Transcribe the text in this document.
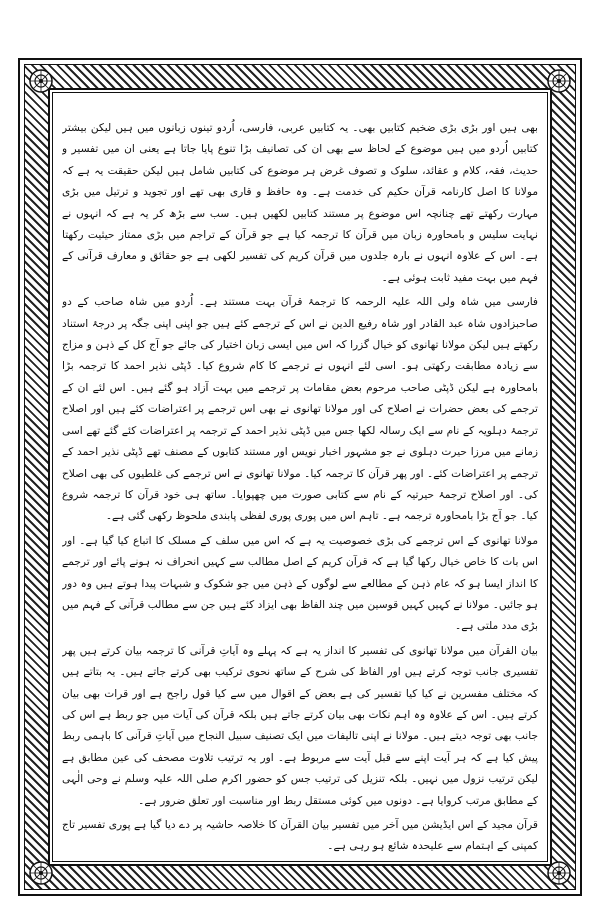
بھی ہیں اور بڑی بڑی ضخیم کتابیں بھی۔ یہ کتابیں عربی، فارسی، اُردو تینوں زبانوں میں ہیں لیکن بیشتر کتابیں اُردو میں ہیں موضوع کے لحاظ سے بھی ان کی تصانیف بڑا تنوع پایا جاتا ہے یعنی ان میں تفسیر و حدیث، فقہ، کلام و عقائد، سلوک و تصوف غرض ہر موضوع کی کتابیں شامل ہیں لیکن حقیقت یہ ہے کہ مولانا کا اصل کارنامہ قرآن حکیم کی خدمت ہے۔ وہ حافظ و قاری بھی تھے اور تجوید و ترتیل میں بڑی مہارت رکھتے تھے چنانچہ اس موضوع پر مستند کتابیں لکھیں ہیں۔ سب سے بڑھ کر یہ ہے کہ انہوں نے نہایت سلیس و بامحاورہ زبان میں قرآن کا ترجمہ کیا ہے جو قرآن کے تراجم میں بڑی ممتاز حیثیت رکھتا ہے۔ اس کے علاوہ انہوں نے بارہ جلدوں میں قرآن کریم کی تفسیر لکھی ہے جو حقائق و معارف قرآنی کے فہم میں بہت مفید ثابت ہوئی ہے۔

فارسی میں شاہ ولی اللہ علیہ الرحمہ کا ترجمۂ قرآن بہت مستند ہے۔ اُردو میں شاہ صاحب کے دو صاحبزادوں شاہ عبد القادر اور شاہ رفیع الدین نے اس کے ترجمے کئے ہیں جو اپنی اپنی جگہ پر درجۂ استناد رکھتے ہیں لیکن مولانا تھانوی کو خیال گزرا کہ اس میں ایسی زبان اختیار کی جائے جو آج کل کے ذہن و مزاج سے زیادہ مطابقت رکھتی ہو۔ اسی لئے انہوں نے ترجمے کا کام شروع کیا۔ ڈپٹی نذیر احمد کا ترجمہ بڑا بامحاورہ ہے لیکن ڈپٹی صاحب مرحوم بعض مقامات پر ترجمے میں بہت آزاد ہو گئے ہیں۔ اس لئے ان کے ترجمے کی بعض حضرات نے اصلاح کی اور مولانا تھانوی نے بھی اس ترجمے پر اعتراضات کئے ہیں اور اصلاح ترجمۂ دہلویہ کے نام سے ایک رسالہ لکھا جس میں ڈپٹی نذیر احمد کے ترجمہ پر اعتراضات کئے گئے تھے اسی زمانے میں مرزا حیرت دہلوی نے جو مشہور اخبار نویس اور مستند کتابوں کے مصنف تھے ڈپٹی نذیر احمد کے ترجمے پر اعتراضات کئے۔ اور پھر قرآن کا ترجمہ کیا۔ مولانا تھانوی نے اس ترجمے کی غلطیوں کی بھی اصلاح کی۔ اور اصلاح ترجمۂ حیرتیہ کے نام سے کتابی صورت میں چھپوایا۔ ساتھ ہی خود قرآن کا ترجمہ شروع کیا۔ جو آج بڑا بامحاورہ ترجمہ ہے۔ تاہم اس میں پوری پوری لفظی پابندی ملحوظ رکھی گئی ہے۔

مولانا تھانوی کے اس ترجمے کی بڑی خصوصیت یہ ہے کہ اس میں سلف کے مسلک کا اتباع کیا گیا ہے۔ اور اس بات کا خاص خیال رکھا گیا ہے کہ قرآن کریم کے اصل مطالب سے کہیں انحراف نہ ہونے پائے اور ترجمے کا انداز ایسا ہو کہ عام ذہن کے مطالعے سے لوگوں کے ذہن میں جو شکوک و شبہات پیدا ہوتے ہیں وہ دور ہو جائیں۔ مولانا نے کہیں کہیں قوسین میں چند الفاظ بھی ایزاد کئے ہیں جن سے مطالب قرآنی کے فہم میں بڑی مدد ملتی ہے۔

بیان القرآن میں مولانا تھانوی کی تفسیر کا انداز یہ ہے کہ پہلے وہ آیاتِ قرآنی کا ترجمہ بیان کرتے ہیں پھر تفسیری جانب توجہ کرتے ہیں اور الفاظ کی شرح کے ساتھ نحوی ترکیب بھی کرتے جاتے ہیں۔ یہ بتاتے ہیں کہ مختلف مفسرین نے کیا کیا تفسیر کی ہے بعض کے اقوال میں سے کیا قول راجح ہے اور قرات بھی بیان کرتے ہیں۔ اس کے علاوہ وہ اہم نکات بھی بیان کرتے جاتے ہیں بلکہ قرآن کی آیات میں جو ربط ہے اس کی جانب بھی توجہ دیتے ہیں۔ مولانا نے اپنی تالیفات میں ایک تصنیف سبیل النجاح میں آیاتِ قرآنی کا باہمی ربط پیش کیا ہے کہ ہر آیت اپنے سے قبل آیت سے مربوط ہے۔ اور یہ ترتیب تلاوت مصحف کی عین مطابق ہے لیکن ترتیب نزول میں نہیں۔ بلکہ تنزیل کی ترتیب جس کو حضور اکرم صلی اللہ علیہ وسلم نے وحی الٰہی کے مطابق مرتب کروایا ہے۔ دونوں میں کوئی مستقل ربط اور مناسبت اور تعلق ضرور ہے۔

قرآن مجید کے اس ایڈیشن میں آخر میں تفسیر بیان القرآن کا خلاصہ حاشیہ پر دے دیا گیا ہے پوری تفسیر تاج کمپنی کے اہتمام سے علیحدہ شائع ہو رہی ہے۔
